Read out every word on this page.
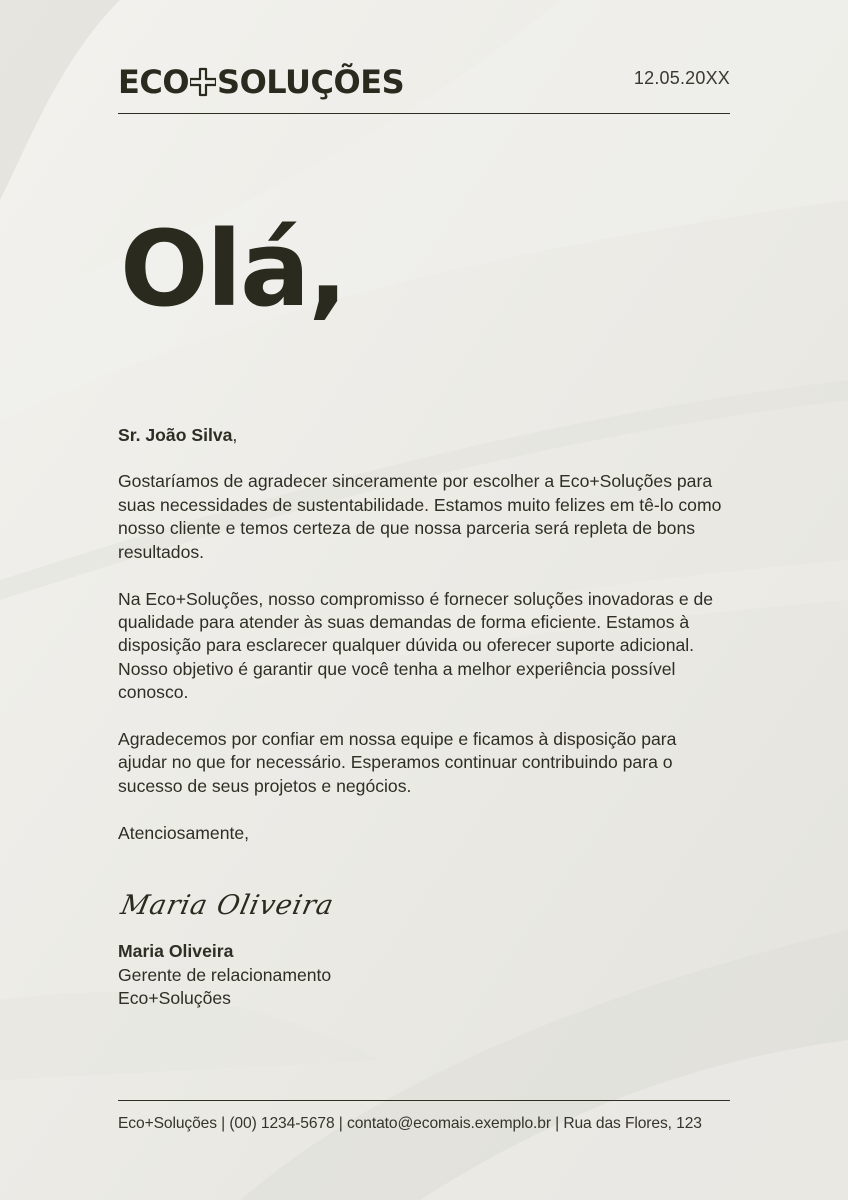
ECO SOLUÇÕES	12.05.20XX
Olá,
Sr. João Silva,

Gostaríamos de agradecer sinceramente por escolher a Eco+Soluções para suas necessidades de sustentabilidade. Estamos muito felizes em tê-lo como nosso cliente e temos certeza de que nossa parceria será repleta de bons resultados.

Na Eco+Soluções, nosso compromisso é fornecer soluções inovadoras e de qualidade para atender às suas demandas de forma eficiente. Estamos à disposição para esclarecer qualquer dúvida ou oferecer suporte adicional. Nosso objetivo é garantir que você tenha a melhor experiência possível conosco.

Agradecemos por confiar em nossa equipe e ficamos à disposição para ajudar no que for necessário. Esperamos continuar contribuindo para o sucesso de seus projetos e negócios.

Atenciosamente,

Maria Oliveira
Maria Oliveira
Gerente de relacionamento
Eco+Soluções
Eco+Soluções | (00) 1234-5678 | contato@ecomais.exemplo.br | Rua das Flores, 123
